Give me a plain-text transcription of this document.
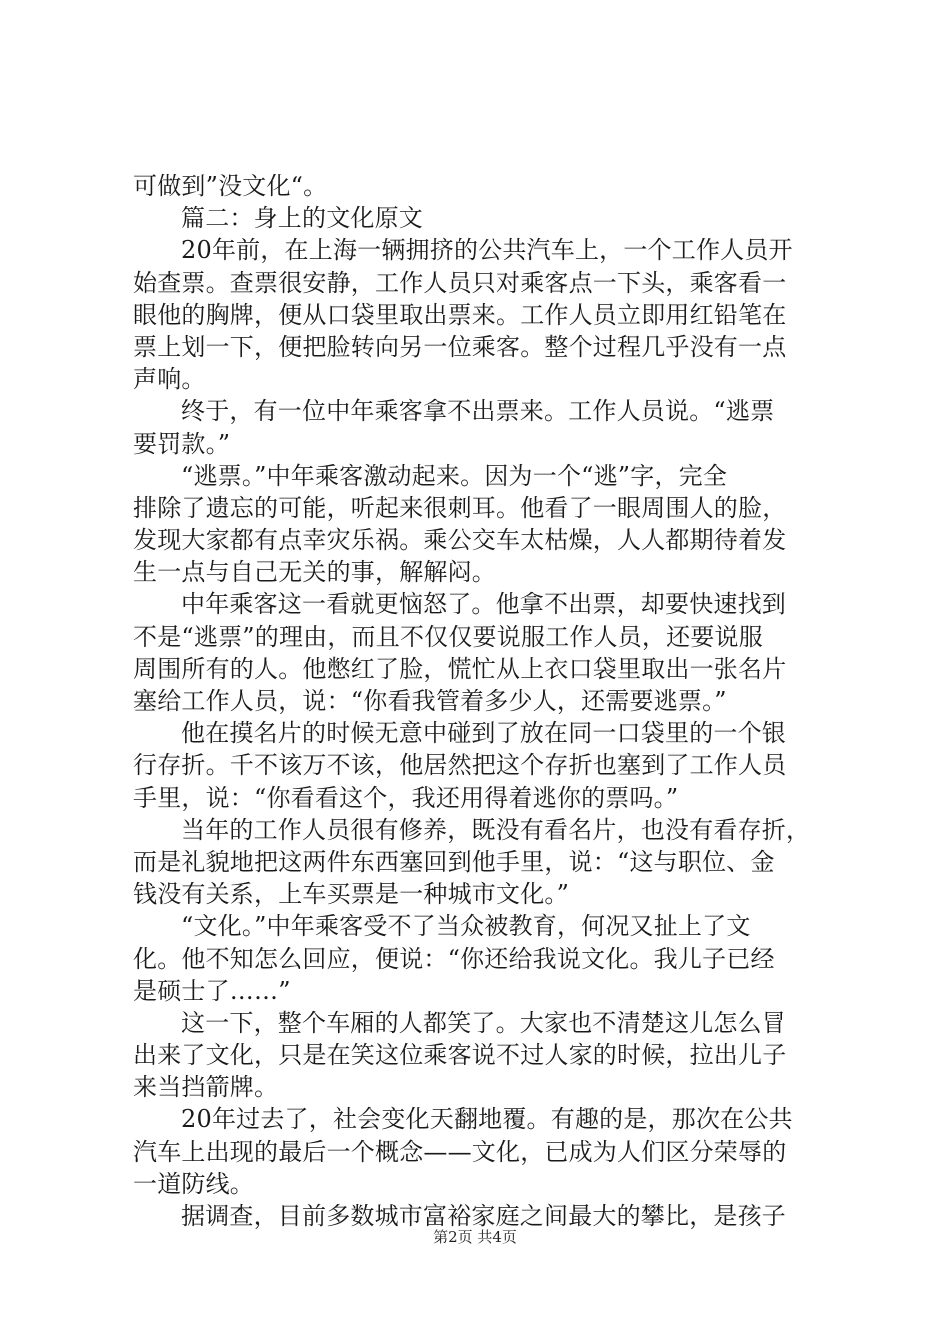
可做到”没文化“。
篇二：身上的文化原文
20年前，在上海一辆拥挤的公共汽车上，一个工作人员开
始查票。查票很安静，工作人员只对乘客点一下头，乘客看一
眼他的胸牌，便从口袋里取出票来。工作人员立即用红铅笔在
票上划一下，便把脸转向另一位乘客。整个过程几乎没有一点
声响。
终于，有一位中年乘客拿不出票来。工作人员说。“逃票
要罚款。”
“逃票。”中年乘客激动起来。因为一个“逃”字，完全
排除了遗忘的可能，听起来很刺耳。他看了一眼周围人的脸，
发现大家都有点幸灾乐祸。乘公交车太枯燥，人人都期待着发
生一点与自己无关的事，解解闷。
中年乘客这一看就更恼怒了。他拿不出票，却要快速找到
不是“逃票”的理由，而且不仅仅要说服工作人员，还要说服
周围所有的人。他憋红了脸，慌忙从上衣口袋里取出一张名片
塞给工作人员，说：“你看我管着多少人，还需要逃票。”
他在摸名片的时候无意中碰到了放在同一口袋里的一个银
行存折。千不该万不该，他居然把这个存折也塞到了工作人员
手里，说：“你看看这个，我还用得着逃你的票吗。”
当年的工作人员很有修养，既没有看名片，也没有看存折，
而是礼貌地把这两件东西塞回到他手里，说：“这与职位、金
钱没有关系，上车买票是一种城市文化。”
“文化。”中年乘客受不了当众被教育，何况又扯上了文
化。他不知怎么回应，便说：“你还给我说文化。我儿子已经
是硕士了……”
这一下，整个车厢的人都笑了。大家也不清楚这儿怎么冒
出来了文化，只是在笑这位乘客说不过人家的时候，拉出儿子
来当挡箭牌。
20年过去了，社会变化天翻地覆。有趣的是，那次在公共
汽车上出现的最后一个概念——文化，已成为人们区分荣辱的
一道防线。
据调查，目前多数城市富裕家庭之间最大的攀比，是孩子
第2页 共4页
